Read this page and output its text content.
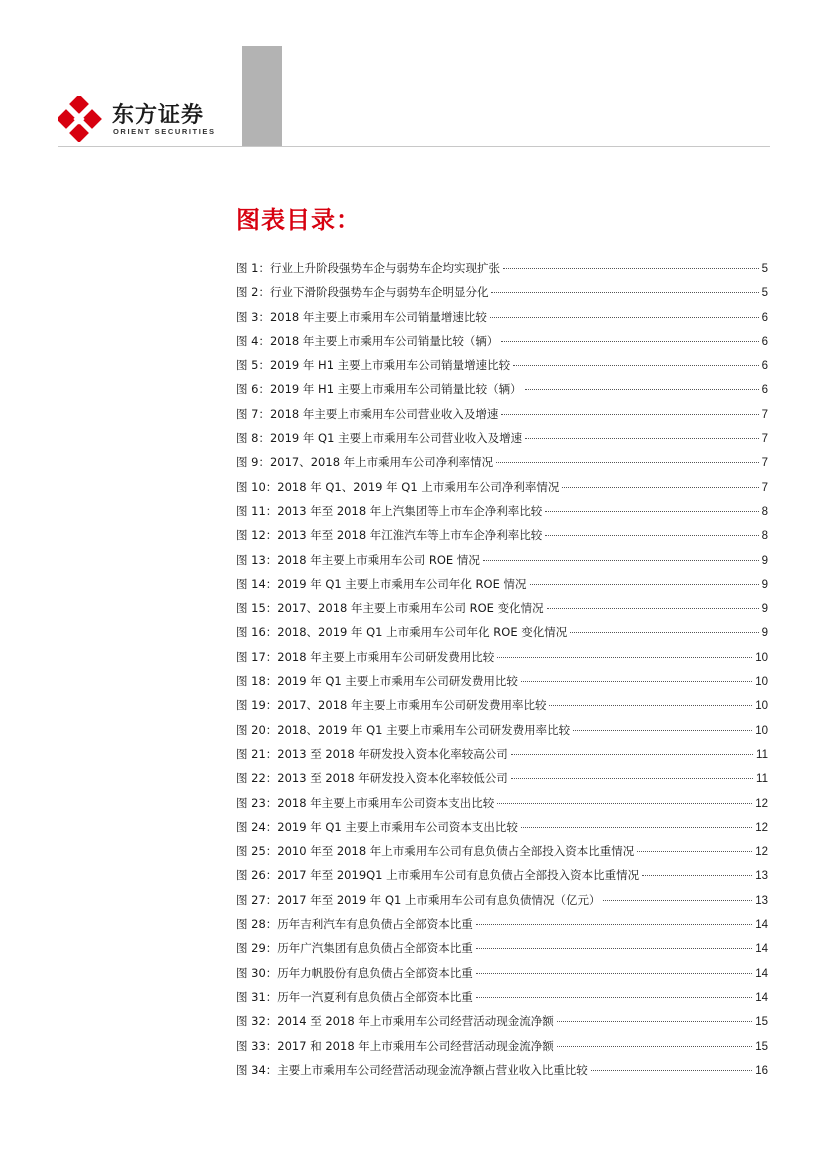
东方证券
ORIENT SECURITIES
图表目录：
图 1：行业上升阶段强势车企与弱势车企均实现扩张	5
图 2：行业下滑阶段强势车企与弱势车企明显分化	5
图 3：2018 年主要上市乘用车公司销量增速比较	6
图 4：2018 年主要上市乘用车公司销量比较（辆）	6
图 5：2019 年 H1 主要上市乘用车公司销量增速比较	6
图 6：2019 年 H1 主要上市乘用车公司销量比较（辆）	6
图 7：2018 年主要上市乘用车公司营业收入及增速	7
图 8：2019 年 Q1 主要上市乘用车公司营业收入及增速	7
图 9：2017、2018 年上市乘用车公司净利率情况	7
图 10：2018 年 Q1、2019 年 Q1 上市乘用车公司净利率情况	7
图 11：2013 年至 2018 年上汽集团等上市车企净利率比较	8
图 12：2013 年至 2018 年江淮汽车等上市车企净利率比较	8
图 13：2018 年主要上市乘用车公司 ROE 情况	9
图 14：2019 年 Q1 主要上市乘用车公司年化 ROE 情况	9
图 15：2017、2018 年主要上市乘用车公司 ROE 变化情况	9
图 16：2018、2019 年 Q1 上市乘用车公司年化 ROE 变化情况	9
图 17：2018 年主要上市乘用车公司研发费用比较	10
图 18：2019 年 Q1 主要上市乘用车公司研发费用比较	10
图 19：2017、2018 年主要上市乘用车公司研发费用率比较	10
图 20：2018、2019 年 Q1 主要上市乘用车公司研发费用率比较	10
图 21：2013 至 2018 年研发投入资本化率较高公司	11
图 22：2013 至 2018 年研发投入资本化率较低公司	11
图 23：2018 年主要上市乘用车公司资本支出比较	12
图 24：2019 年 Q1 主要上市乘用车公司资本支出比较	12
图 25：2010 年至 2018 年上市乘用车公司有息负债占全部投入资本比重情况	12
图 26：2017 年至 2019Q1 上市乘用车公司有息负债占全部投入资本比重情况	13
图 27：2017 年至 2019 年 Q1 上市乘用车公司有息负债情况（亿元）	13
图 28：历年吉利汽车有息负债占全部资本比重	14
图 29：历年广汽集团有息负债占全部资本比重	14
图 30：历年力帆股份有息负债占全部资本比重	14
图 31：历年一汽夏利有息负债占全部资本比重	14
图 32：2014 至 2018 年上市乘用车公司经营活动现金流净额	15
图 33：2017 和 2018 年上市乘用车公司经营活动现金流净额	15
图 34：主要上市乘用车公司经营活动现金流净额占营业收入比重比较	16
